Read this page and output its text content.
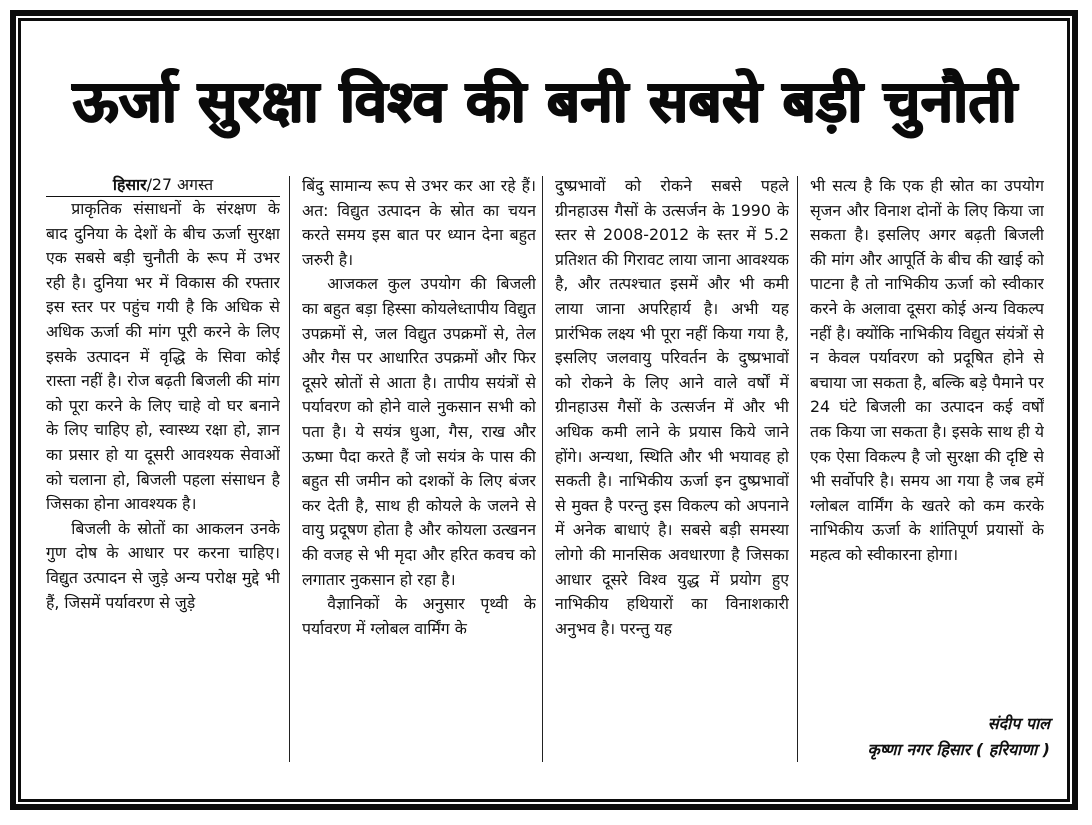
ऊर्जा सुरक्षा विश्व की बनी सबसे बड़ी चुनौती
हिसार/27 अगस्त

प्राकृतिक संसाधनों के संरक्षण के बाद दुनिया के देशों के बीच ऊर्जा सुरक्षा एक सबसे बड़ी चुनौती के रूप में उभर रही है। दुनिया भर में विकास की रफ्तार इस स्तर पर पहुंच गयी है कि अधिक से अधिक ऊर्जा की मांग पूरी करने के लिए इसके उत्पादन में वृद्धि के सिवा कोई रास्ता नहीं है। रोज बढ़ती बिजली की मांग को पूरा करने के लिए चाहे वो घर बनाने के लिए चाहिए हो, स्वास्थ्य रक्षा हो, ज्ञान का प्रसार हो या दूसरी आवश्यक सेवाओं को चलाना हो, बिजली पहला संसाधन है जिसका होना आवश्यक है।

बिजली के स्रोतों का आकलन उनके गुण दोष के आधार पर करना चाहिए। विद्युत उत्पादन से जुड़े अन्य परोक्ष मुद्दे भी हैं, जिसमें पर्यावरण से जुड़े

बिंदु सामान्य रूप से उभर कर आ रहे हैं। अत: विद्युत उत्पादन के स्रोत का चयन करते समय इस बात पर ध्यान देना बहुत जरुरी है।

आजकल कुल उपयोग की बिजली का बहुत बड़ा हिस्सा कोयलेध्तापीय विद्युत उपक्रमों से, जल विद्युत उपक्रमों से, तेल और गैस पर आधारित उपक्रमों और फिर दूसरे स्रोतों से आता है। तापीय सयंत्रों से पर्यावरण को होने वाले नुकसान सभी को पता है। ये सयंत्र धुआ, गैस, राख और ऊष्मा पैदा करते हैं जो सयंत्र के पास की बहुत सी जमीन को दशकों के लिए बंजर कर देती है, साथ ही कोयले के जलने से वायु प्रदूषण होता है और कोयला उत्खनन की वजह से भी मृदा और हरित कवच को लगातार नुकसान हो रहा है।

वैज्ञानिकों के अनुसार पृथ्वी के पर्यावरण में ग्लोबल वार्मिंग के

दुष्प्रभावों को रोकने सबसे पहले ग्रीनहाउस गैसों के उत्सर्जन के 1990 के स्तर से 2008-2012 के स्तर में 5.2 प्रतिशत की गिरावट लाया जाना आवश्यक है, और तत्पश्चात इसमें और भी कमी लाया जाना अपरिहार्य है। अभी यह प्रारंभिक लक्ष्य भी पूरा नहीं किया गया है, इसलिए जलवायु परिवर्तन के दुष्प्रभावों को रोकने के लिए आने वाले वर्षों में ग्रीनहाउस गैसों के उत्सर्जन में और भी अधिक कमी लाने के प्रयास किये जाने होंगे। अन्यथा, स्थिति और भी भयावह हो सकती है। नाभिकीय ऊर्जा इन दुष्प्रभावों से मुक्त है परन्तु इस विकल्प को अपनाने में अनेक बाधाएं है। सबसे बड़ी समस्या लोगो की मानसिक अवधारणा है जिसका आधार दूसरे विश्व युद्ध में प्रयोग हुए नाभिकीय हथियारों का विनाशकारी अनुभव है। परन्तु यह

भी सत्य है कि एक ही स्रोत का उपयोग सृजन और विनाश दोनों के लिए किया जा सकता है। इसलिए अगर बढ़ती बिजली की मांग और आपूर्ति के बीच की खाई को पाटना है तो नाभिकीय ऊर्जा को स्वीकार करने के अलावा दूसरा कोई अन्य विकल्प नहीं है। क्योंकि नाभिकीय विद्युत संयंत्रों से न केवल पर्यावरण को प्रदूषित होने से बचाया जा सकता है, बल्कि बड़े पैमाने पर 24 घंटे बिजली का उत्पादन कई वर्षों तक किया जा सकता है। इसके साथ ही ये एक ऐसा विकल्प है जो सुरक्षा की दृष्टि से भी सर्वोपरि है। समय आ गया है जब हमें ग्लोबल वार्मिंग के खतरे को कम करके नाभिकीय ऊर्जा के शांतिपूर्ण प्रयासों के महत्व को स्वीकारना होगा।

संदीप पाल
कृष्णा नगर हिसार ( हरियाणा )
